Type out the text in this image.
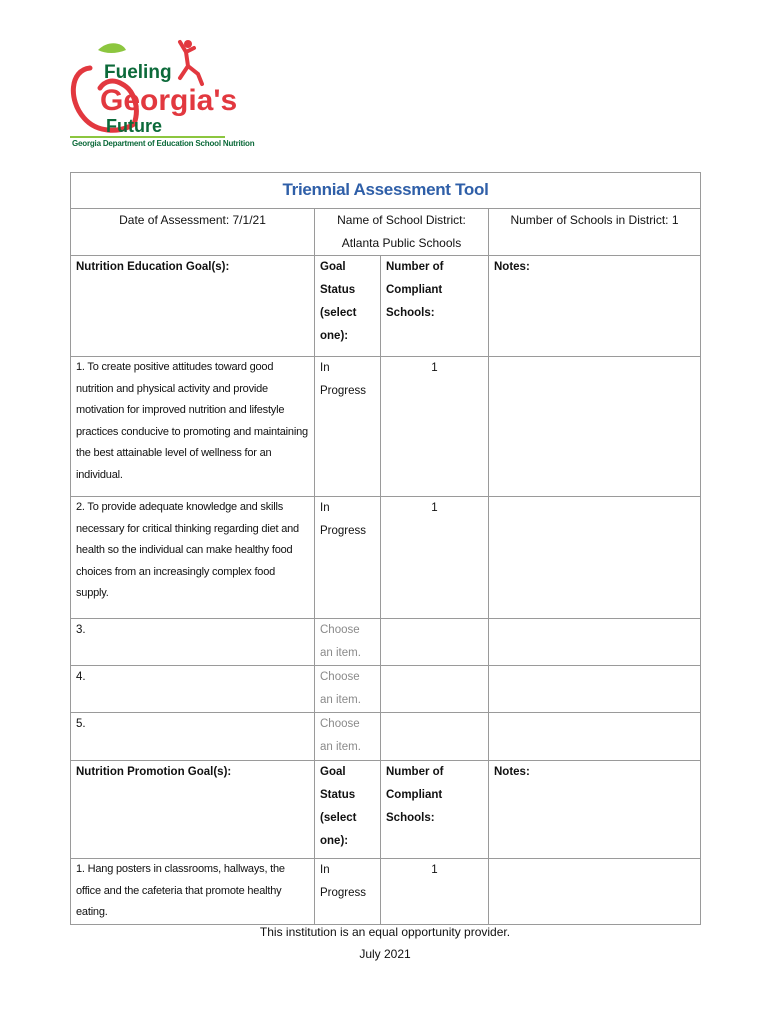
Fueling
Georgia's
Future
Georgia Department of Education School Nutrition
Triennial Assessment Tool			
Date of Assessment: 7/1/21	Name of School District: Atlanta Public Schools		Number of Schools in District: 1
Nutrition Education Goal(s):	Goal Status (select one):	Number of Compliant Schools:	Notes:
1. To create positive attitudes toward good nutrition and physical activity and provide motivation for improved nutrition and lifestyle practices conducive to promoting and maintaining the best attainable level of wellness for an individual.	In Progress	1	
2. To provide adequate knowledge and skills necessary for critical thinking regarding diet and health so the individual can make healthy food choices from an increasingly complex food supply.	In Progress	1	
3.	Choose an item.		
4.	Choose an item.		
5.	Choose an item.		
Nutrition Promotion Goal(s):	Goal Status (select one):	Number of Compliant Schools:	Notes:
1. Hang posters in classrooms, hallways, the office and the cafeteria that promote healthy eating.	In Progress	1	
This institution is an equal opportunity provider.
July 2021
